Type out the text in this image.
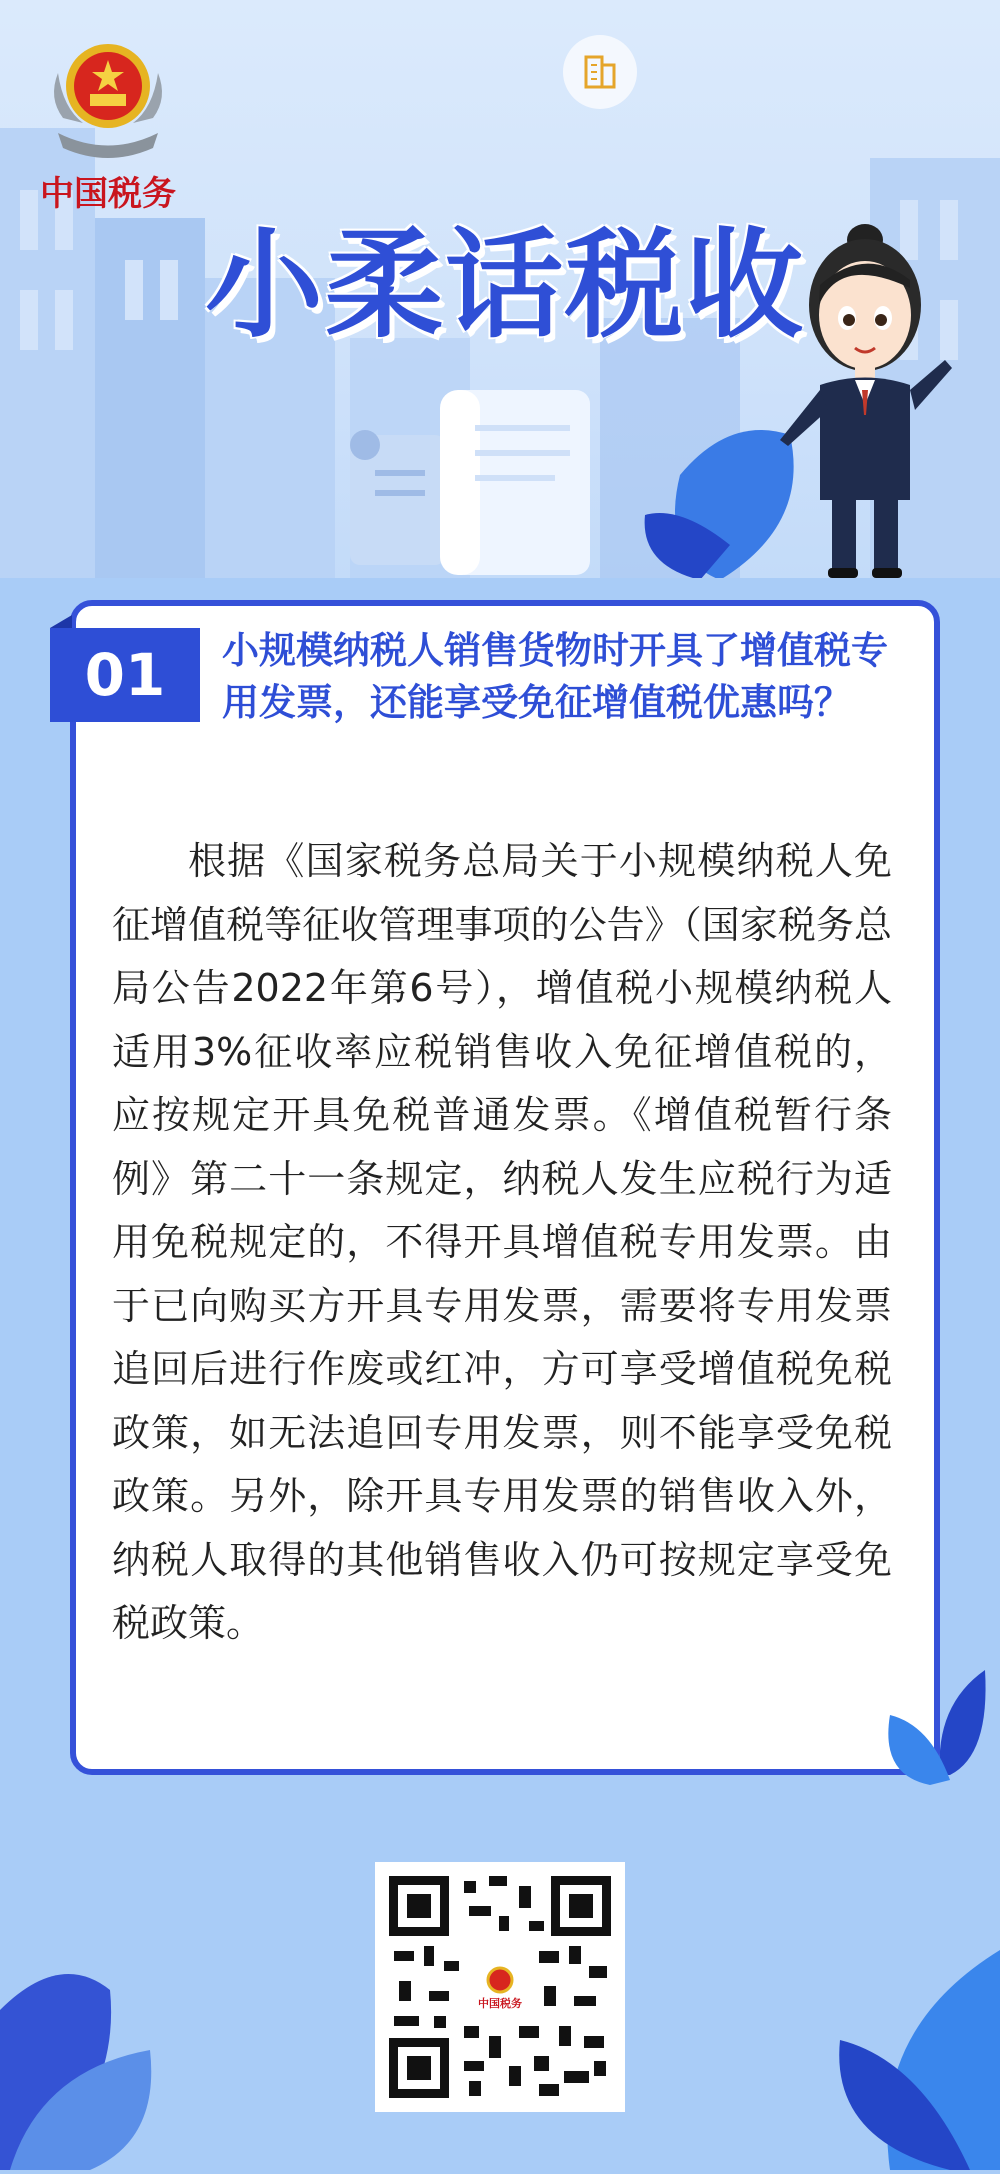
中国税务
小柔话税收
01	小规模纳税人销售货物时开具了增值税专用发票，还能享受免征增值税优惠吗？
根据《国家税务总局关于小规模纳税人免征增值税等征收管理事项的公告》（国家税务总局公告2022年第6号），增值税小规模纳税人适用3%征收率应税销售收入免征增值税的，应按规定开具免税普通发票。《增值税暂行条例》第二十一条规定，纳税人发生应税行为适用免税规定的，不得开具增值税专用发票。由于已向购买方开具专用发票，需要将专用发票追回后进行作废或红冲，方可享受增值税免税政策，如无法追回专用发票，则不能享受免税政策。另外，除开具专用发票的销售收入外，纳税人取得的其他销售收入仍可按规定享受免税政策。
中国税务
